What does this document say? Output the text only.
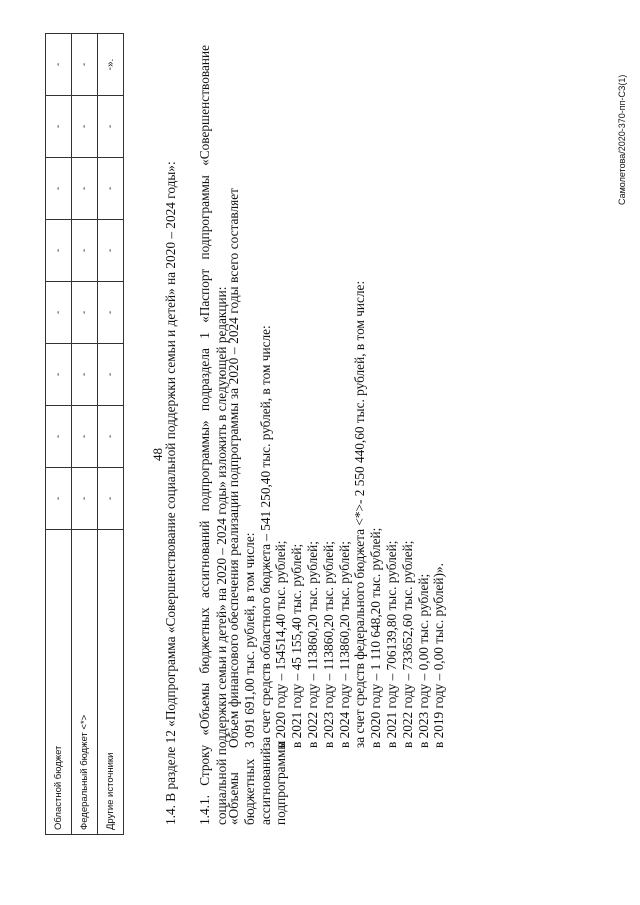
48
Областной бюджет	-	-	-	-	-	-	-	-
Федеральный бюджет <*>	-	-	-	-	-	-	-	-
Другие источники	-	-	-	-	-	-	-	-».
1.4. В разделе 12 «Подпрограмма «Совершенствование социальной поддержки семьи и детей» на 2020 – 2024 годы»: 1.4.1. Строку «Объемы бюджетных ассигнований подпрограммы» подраздела 1 «Паспорт подпрограммы «Совершенствование социальной поддержки семьи и детей» на 2020 – 2024 годы» изложить в следующей редакции:
«Объемы бюджетных ассигнований подпрограммы
Объем финансового обеспечения реализации подпрограммы за 2020 – 2024 годы всего составляет 3 091 691,00 тыс. рублей, в том числе: за счет средств областного бюджета – 541 250,40 тыс. рублей, в том числе: в 2020 году – 154514,40 тыс. рублей; в 2021 году – 45 155,40 тыс. рублей; в 2022 году – 113860,20 тыс. рублей; в 2023 году – 113860,20 тыс. рублей; в 2024 году – 113860,20 тыс. рублей; за счет средств федерального бюджета <*>- 2 550 440,60 тыс. рублей, в том числе: в 2020 году – 1 110 648,20 тыс. рублей; в 2021 году – 706139,80 тыс. рублей; в 2022 году – 733652,60 тыс. рублей; в 2023 году – 0,00 тыс. рублей; в 2019 году – 0,00 тыс. рублей)».
Самолетова/2020-370-пп-СЗ(1)
